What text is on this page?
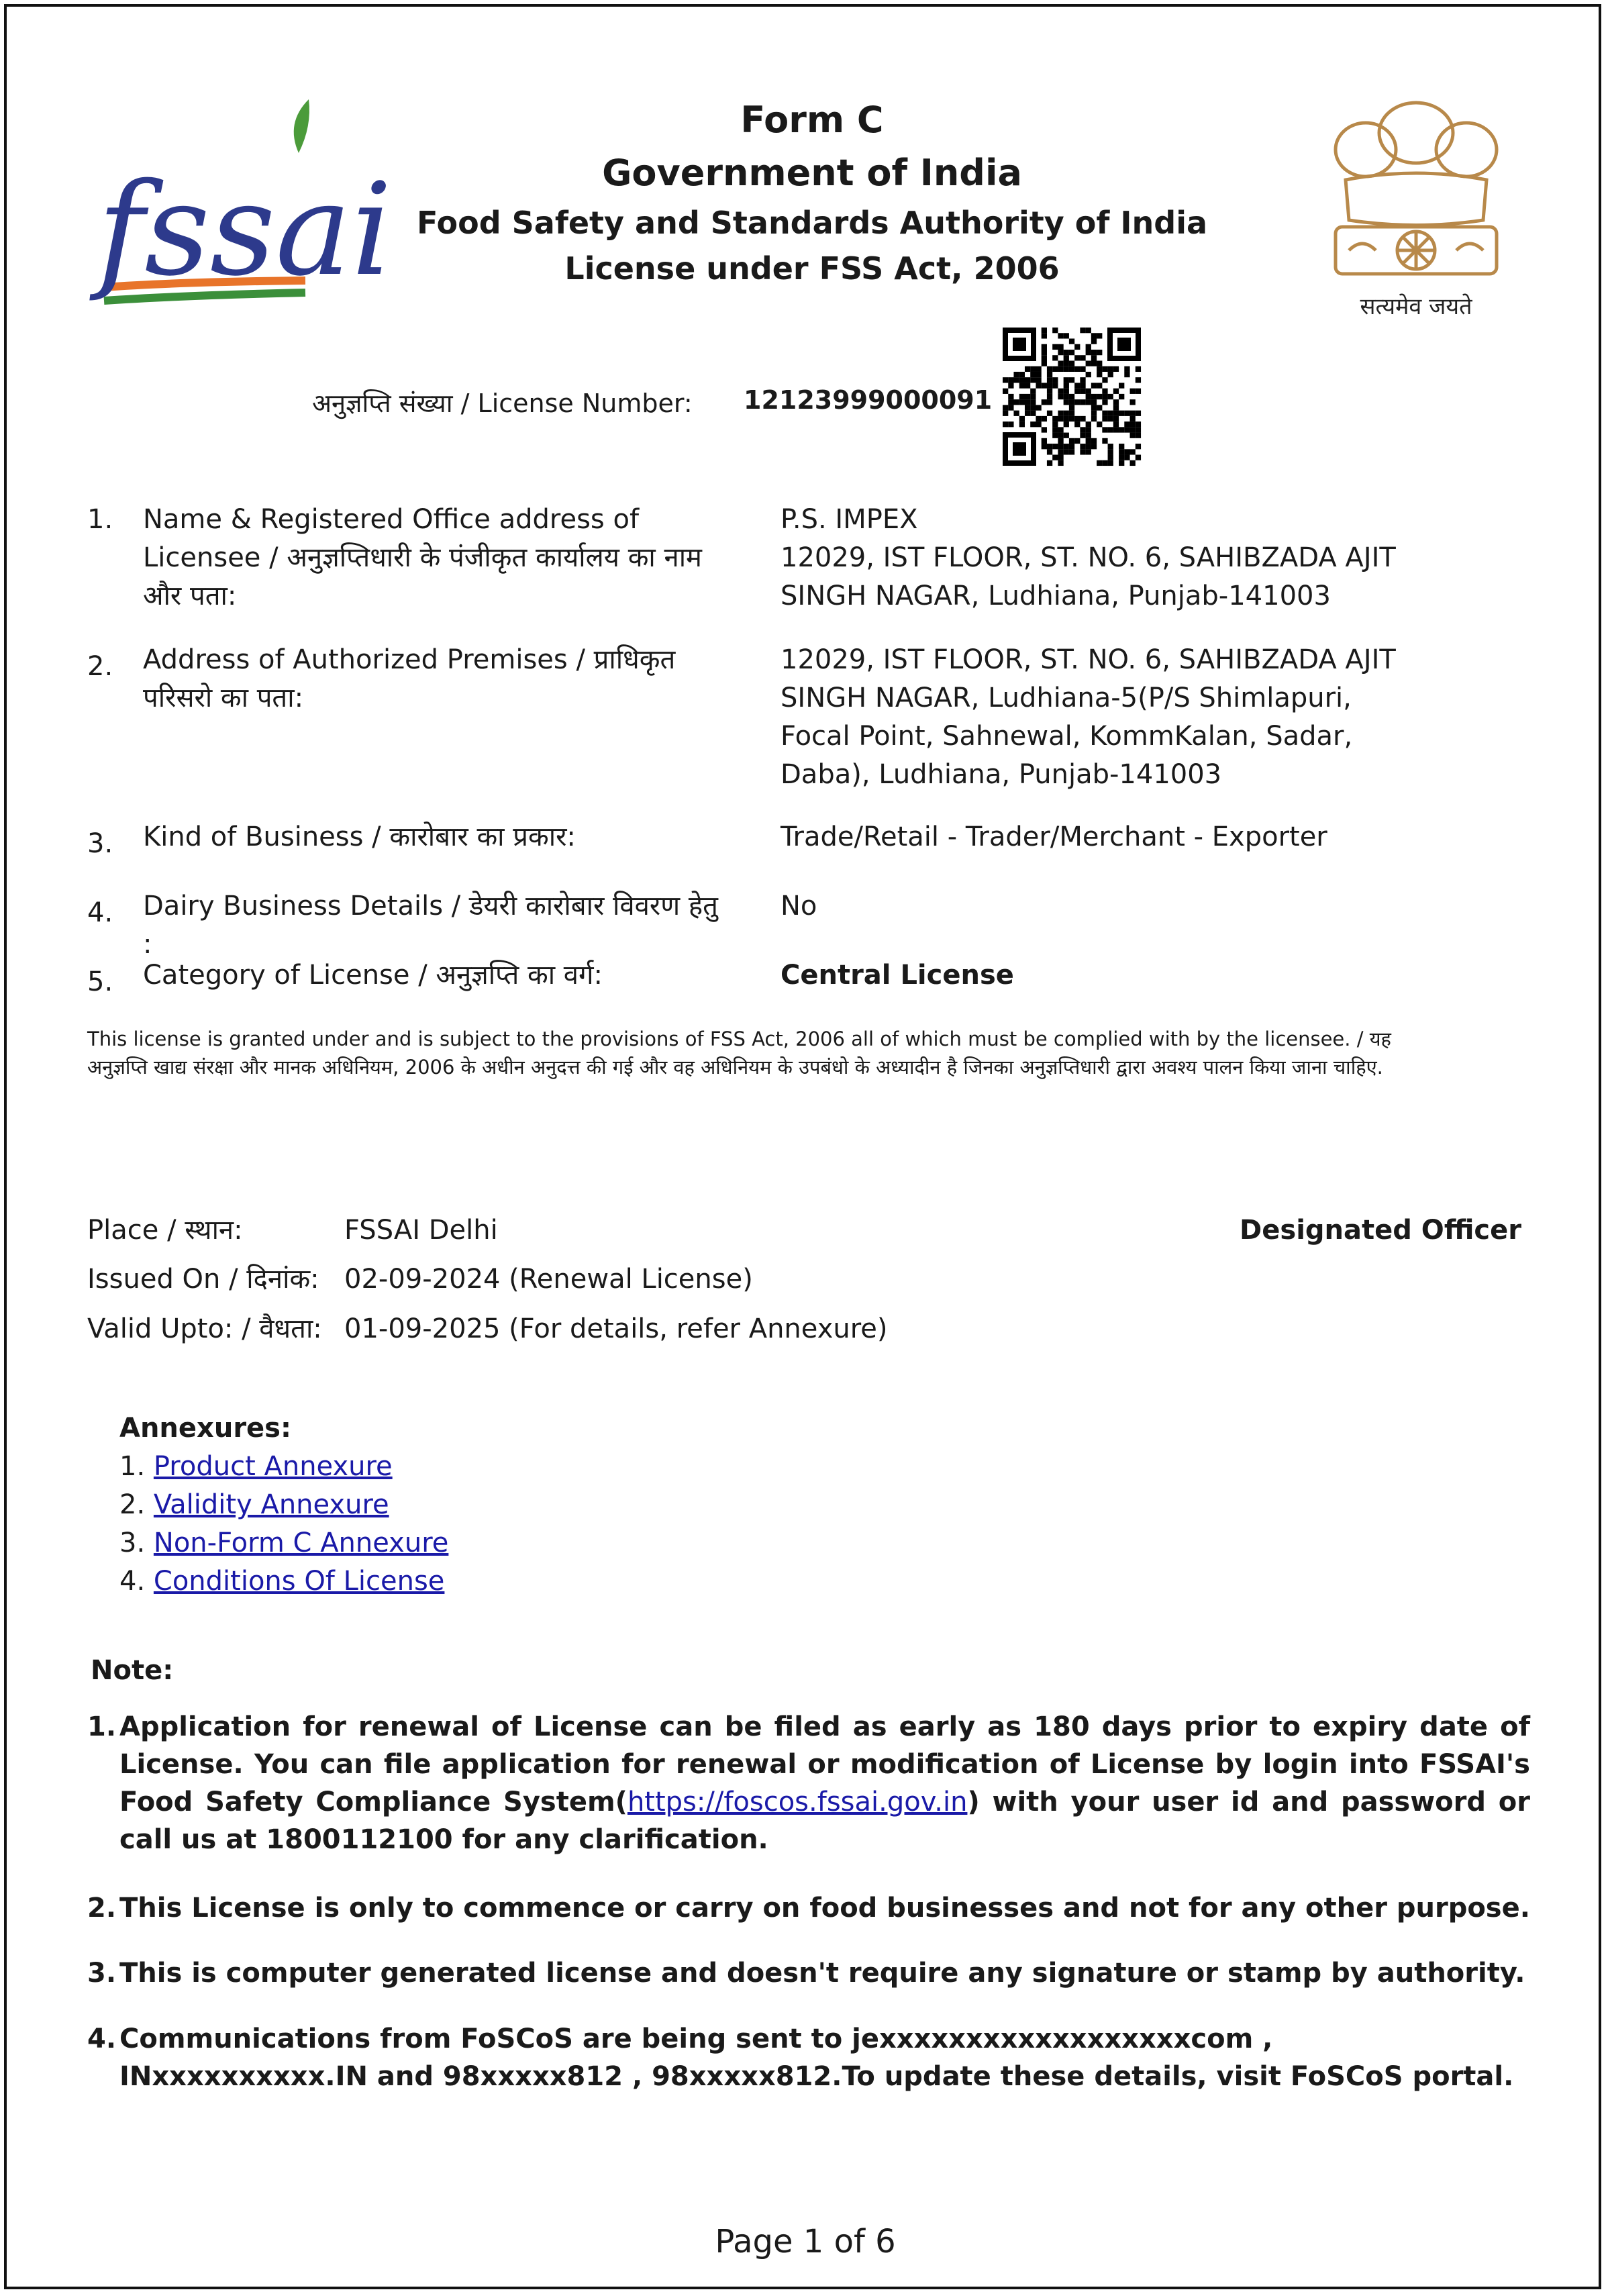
fssai
Form C
Government of India
Food Safety and Standards Authority of India
License under FSS Act, 2006
सत्यमेव जयते
अनुज्ञप्ति संख्या / License Number: 12123999000091
1. Name & Registered Office address of Licensee / अनुज्ञप्तिधारी के पंजीकृत कार्यालय का नाम और पता:
P.S. IMPEX
12029, IST FLOOR, ST. NO. 6, SAHIBZADA AJIT
SINGH NAGAR, Ludhiana, Punjab-141003
2. Address of Authorized Premises / प्राधिकृत परिसरो का पता:
12029, IST FLOOR, ST. NO. 6, SAHIBZADA AJIT
SINGH NAGAR, Ludhiana-5(P/S Shimlapuri,
Focal Point, Sahnewal, KommKalan, Sadar,
Daba), Ludhiana, Punjab-141003
3. Kind of Business / कारोबार का प्रकार:	Trade/Retail - Trader/Merchant - Exporter
4. Dairy Business Details / डेयरी कारोबार विवरण हेतु :
No
5. Category of License / अनुज्ञप्ति का वर्ग:	Central License
This license is granted under and is subject to the provisions of FSS Act, 2006 all of which must be complied with by the licensee. / यह अनुज्ञप्ति खाद्य संरक्षा और मानक अधिनियम, 2006 के अधीन अनुदत्त की गई और वह अधिनियम के उपबंधो के अध्यादीन है जिनका अनुज्ञप्तिधारी द्वारा अवश्य पालन किया जाना चाहिए.
Place / स्थान:	FSSAI Delhi	Designated Officer
Issued On / दिनांक: 02-09-2024 (Renewal License)
Valid Upto: / वैधता: 01-09-2025 (For details, refer Annexure)
Annexures:
1. Product Annexure
2. Validity Annexure
3. Non-Form C Annexure
4. Conditions Of License
Note:
1. Application for renewal of License can be filed as early as 180 days prior to expiry date of License. You can file application for renewal or modification of License by login into FSSAI's Food Safety Compliance System(https://foscos.fssai.gov.in) with your user id and password or call us at 1800112100 for any clarification.
2. This License is only to commence or carry on food businesses and not for any other purpose.
3. This is computer generated license and doesn't require any signature or stamp by authority.
4. Communications from FoSCoS are being sent to jexxxxxxxxxxxxxxxxxxcom , INxxxxxxxxxx.IN and 98xxxxx812 , 98xxxxx812.To update these details, visit FoSCoS portal.
Page 1 of 6
